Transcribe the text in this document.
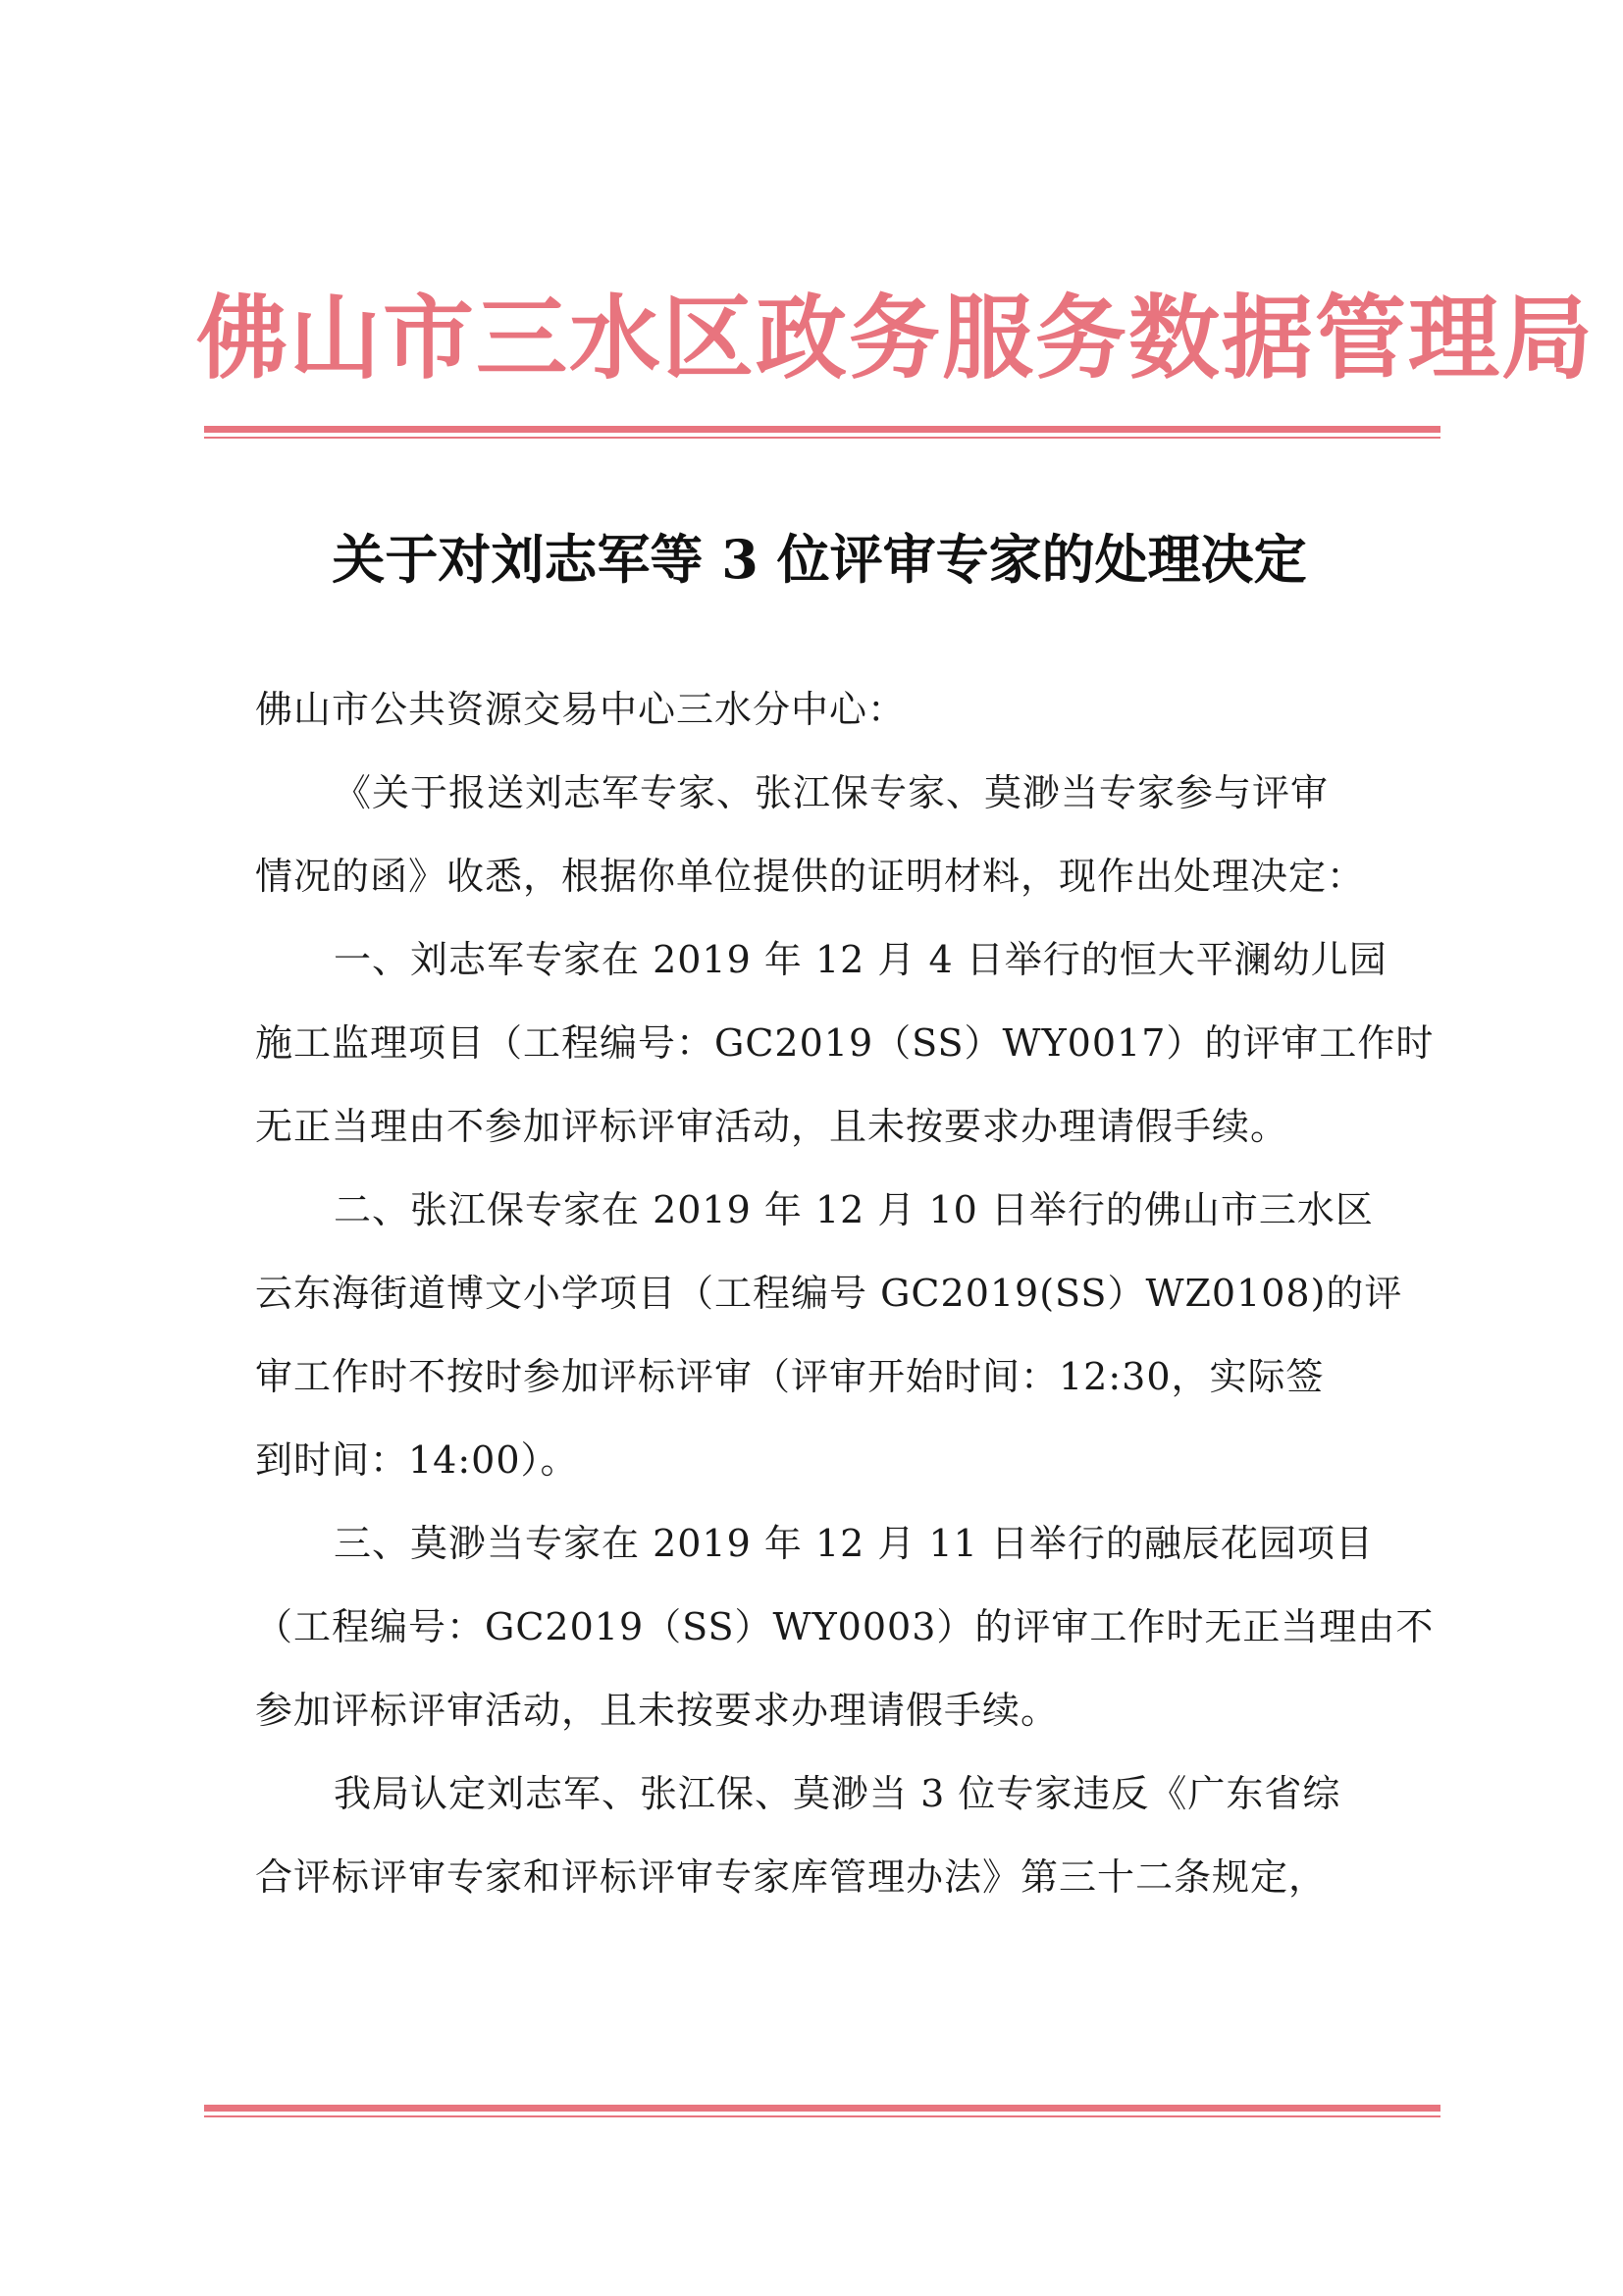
佛山市三水区政务服务数据管理局
关于对刘志军等 3 位评审专家的处理决定
佛山市公共资源交易中心三水分中心：
《关于报送刘志军专家、张江保专家、莫渺当专家参与评审
情况的函》收悉，根据你单位提供的证明材料，现作出处理决定：
一、刘志军专家在 2019 年 12 月 4 日举行的恒大平澜幼儿园
施工监理项目（工程编号：GC2019（SS）WY0017）的评审工作时
无正当理由不参加评标评审活动，且未按要求办理请假手续。
二、张江保专家在 2019 年 12 月 10 日举行的佛山市三水区
云东海街道博文小学项目（工程编号 GC2019(SS）WZ0108)的评
审工作时不按时参加评标评审（评审开始时间：12:30，实际签
到时间：14:00）。
三、莫渺当专家在 2019 年 12 月 11 日举行的融辰花园项目
（工程编号：GC2019（SS）WY0003）的评审工作时无正当理由不
参加评标评审活动，且未按要求办理请假手续。
我局认定刘志军、张江保、莫渺当 3 位专家违反《广东省综
合评标评审专家和评标评审专家库管理办法》第三十二条规定，
